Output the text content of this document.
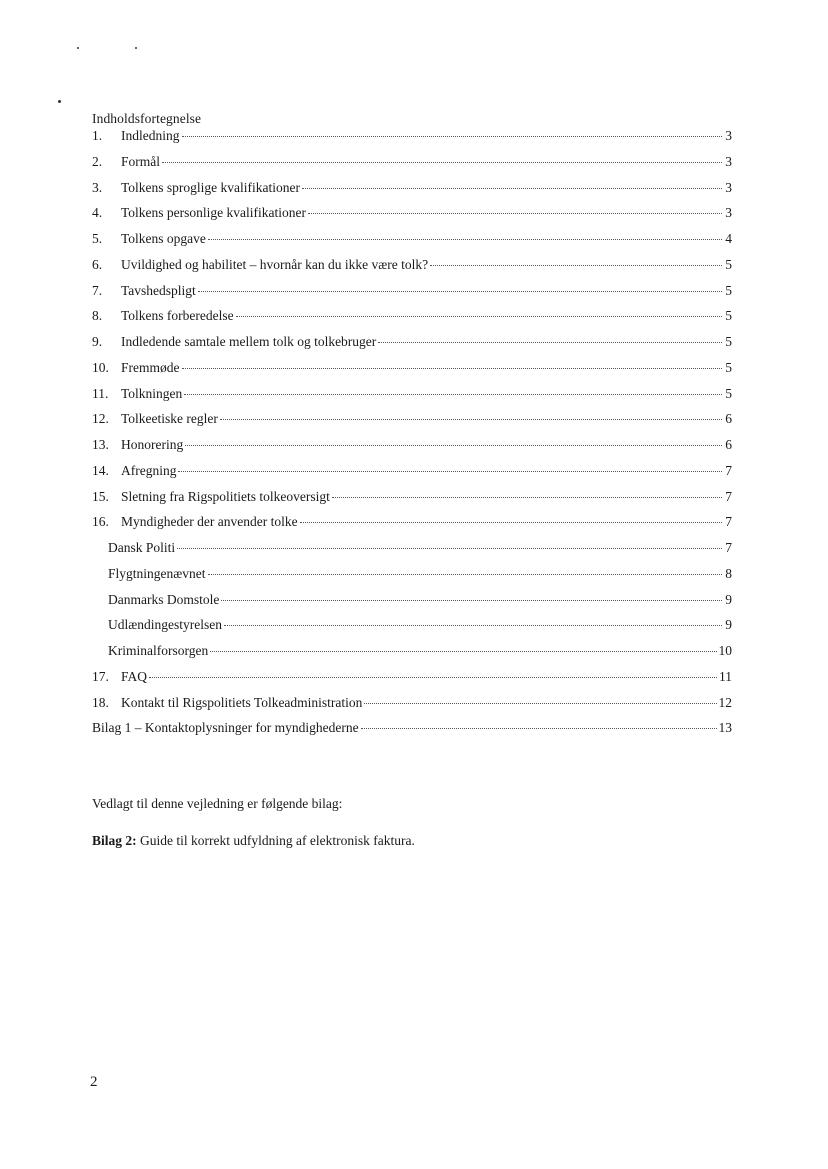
Indholdsfortegnelse
1.	Indledning	3
2.	Formål	3
3.	Tolkens sproglige kvalifikationer	3
4.	Tolkens personlige kvalifikationer	3
5.	Tolkens opgave	4
6.	Uvildighed og habilitet – hvornår kan du ikke være tolk?	5
7.	Tavshedspligt	5
8.	Tolkens forberedelse	5
9.	Indledende samtale mellem tolk og tolkebruger	5
10. Fremmøde	5
11. Tolkningen	5
12. Tolkeetiske regler	6
13. Honorering	6
14. Afregning	7
15. Sletning fra Rigspolitiets tolkeoversigt	7
16. Myndigheder der anvender tolke	7
Dansk Politi	7
Flygtningenævnet	8
Danmarks Domstole	9
Udlændingestyrelsen	9
Kriminalforsorgen	10
17. FAQ	11
18. Kontakt til Rigspolitiets Tolkeadministration	12
Bilag 1 – Kontaktoplysninger for myndighederne	13
Vedlagt til denne vejledning er følgende bilag:
Bilag 2: Guide til korrekt udfyldning af elektronisk faktura.
2
